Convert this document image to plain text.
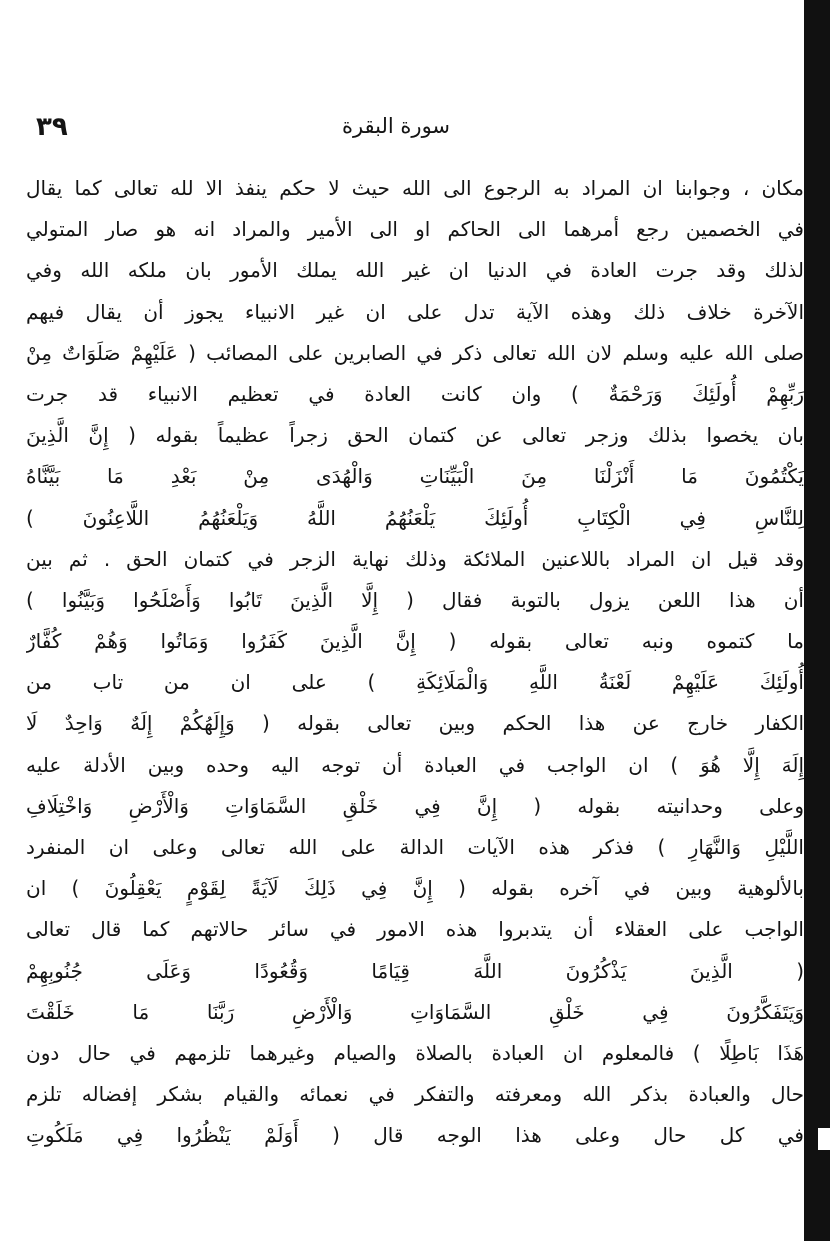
٣٩	سورة البقرة
مكان ، وجوابنا ان المراد به الرجوع الى الله حيث لا حكم ينفذ الا لله تعالى كما يقال
في الخصمين رجع أمرهما الى الحاكم او الى الأمير والمراد انه هو صار المتولي
لذلك وقد جرت العادة في الدنيا ان غير الله يملك الأمور بان ملكه الله وفي
الآخرة خلاف ذلك وهذه الآية تدل على ان غير الانبياء يجوز أن يقال فيهم
صلى الله عليه وسلم لان الله تعالى ذكر في الصابرين على المصائب ( عَلَيْهِمْ صَلَوَاتٌ مِنْ
رَبِّهِمْ أُولَئِكَ وَرَحْمَةٌ ) وان كانت العادة في تعظيم الانبياء قد جرت
بان يخصوا بذلك وزجر تعالى عن كتمان الحق زجراً عظيماً بقوله ( إِنَّ الَّذِينَ
يَكْتُمُونَ مَا أَنْزَلْنَا مِنَ الْبَيِّنَاتِ وَالْهُدَى مِنْ بَعْدِ مَا بَيَّنَّاهُ
لِلنَّاسِ فِي الْكِتَابِ أُولَئِكَ يَلْعَنُهُمُ اللَّهُ وَيَلْعَنُهُمُ اللَّاعِنُونَ )
وقد قيل ان المراد باللاعنين الملائكة وذلك نهاية الزجر في كتمان الحق . ثم بين
أن هذا اللعن يزول بالتوبة فقال ( إِلَّا الَّذِينَ تَابُوا وَأَصْلَحُوا وَبَيَّنُوا )
ما كتموه ونبه تعالى بقوله ( إِنَّ الَّذِينَ كَفَرُوا وَمَاتُوا وَهُمْ كُفَّارٌ
أُولَئِكَ عَلَيْهِمْ لَعْنَةُ اللَّهِ وَالْمَلَائِكَةِ ) على ان من تاب من
الكفار خارج عن هذا الحكم وبين تعالى بقوله ( وَإِلَهُكُمْ إِلَهٌ وَاحِدٌ لَا
إِلَهَ إِلَّا هُوَ ) ان الواجب في العبادة أن توجه اليه وحده وبين الأدلة عليه
وعلى وحدانيته بقوله ( إِنَّ فِي خَلْقِ السَّمَاوَاتِ وَالْأَرْضِ وَاخْتِلَافِ
اللَّيْلِ وَالنَّهَارِ ) فذكر هذه الآيات الدالة على الله تعالى وعلى ان المنفرد
بالألوهية وبين في آخره بقوله ( إِنَّ فِي ذَلِكَ لَآيَةً لِقَوْمٍ يَعْقِلُونَ ) ان
الواجب على العقلاء أن يتدبروا هذه الامور في سائر حالاتهم كما قال تعالى
( الَّذِينَ يَذْكُرُونَ اللَّهَ قِيَامًا وَقُعُودًا وَعَلَى جُنُوبِهِمْ
وَيَتَفَكَّرُونَ فِي خَلْقِ السَّمَاوَاتِ وَالْأَرْضِ رَبَّنَا مَا خَلَقْتَ
هَذَا بَاطِلًا ) فالمعلوم ان العبادة بالصلاة والصيام وغيرهما تلزمهم في حال دون
حال والعبادة بذكر الله ومعرفته والتفكر في نعمائه والقيام بشكر إفضاله تلزم
في كل حال وعلى هذا الوجه قال ( أَوَلَمْ يَنْظُرُوا فِي مَلَكُوتِ
